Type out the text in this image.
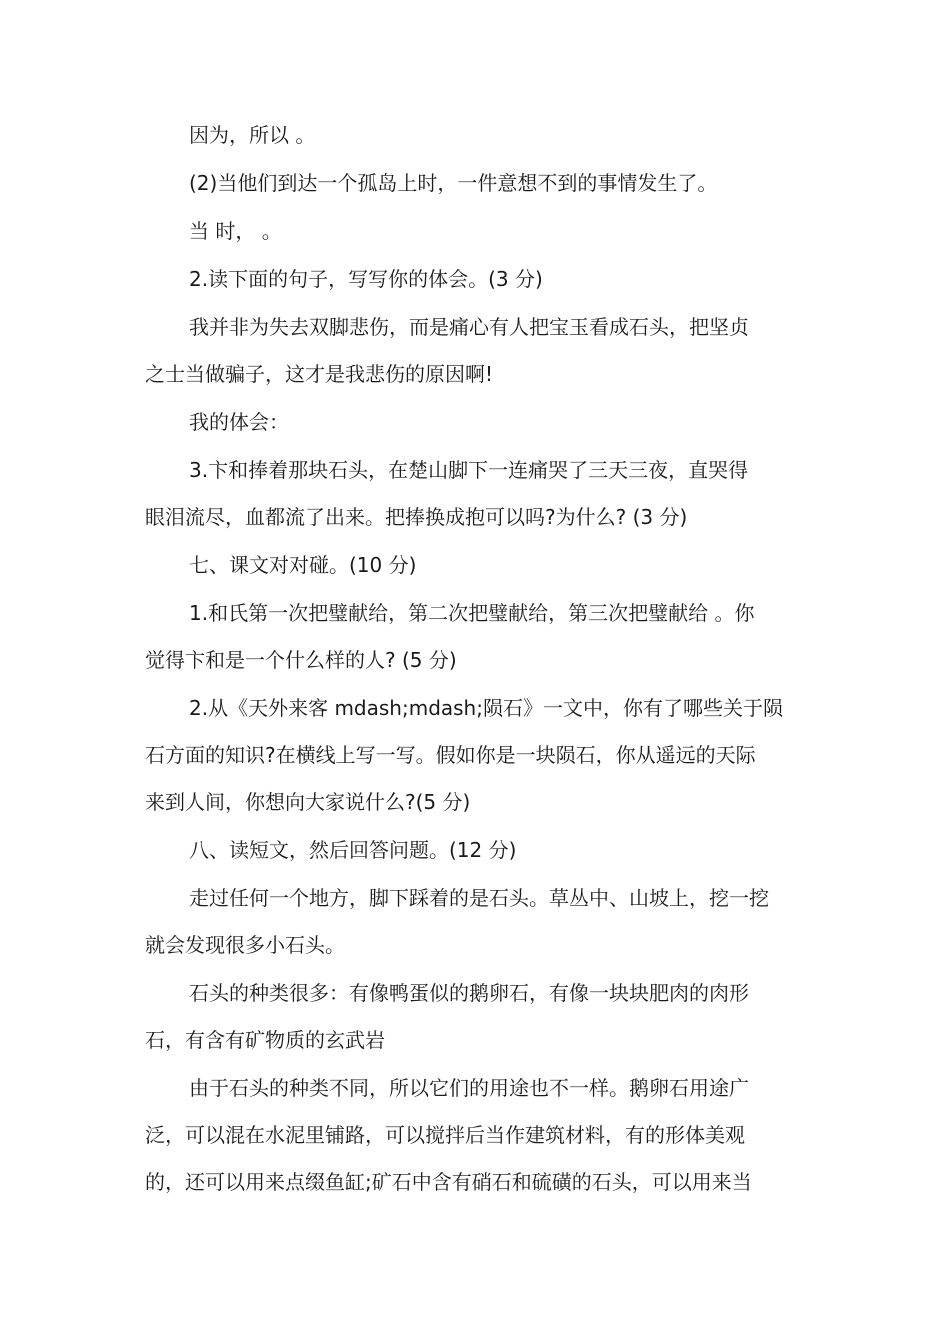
因为，所以 。
(2)当他们到达一个孤岛上时，一件意想不到的事情发生了。
当 时， 。
2.读下面的句子，写写你的体会。(3 分)
我并非为失去双脚悲伤，而是痛心有人把宝玉看成石头，把坚贞
之士当做骗子，这才是我悲伤的原因啊!
我的体会：
3.卞和捧着那块石头，在楚山脚下一连痛哭了三天三夜，直哭得
眼泪流尽，血都流了出来。把捧换成抱可以吗?为什么? (3 分)
七、课文对对碰。(10 分)
1.和氏第一次把璧献给，第二次把璧献给，第三次把璧献给 。你
觉得卞和是一个什么样的人? (5 分)
2.从《天外来客 mdash;mdash;陨石》一文中，你有了哪些关于陨
石方面的知识?在横线上写一写。假如你是一块陨石，你从遥远的天际
来到人间，你想向大家说什么?(5 分)
八、读短文，然后回答问题。(12 分)
走过任何一个地方，脚下踩着的是石头。草丛中、山坡上，挖一挖
就会发现很多小石头。
石头的种类很多：有像鸭蛋似的鹅卵石，有像一块块肥肉的肉形
石，有含有矿物质的玄武岩
由于石头的种类不同，所以它们的用途也不一样。鹅卵石用途广
泛，可以混在水泥里铺路，可以搅拌后当作建筑材料，有的形体美观
的，还可以用来点缀鱼缸;矿石中含有硝石和硫磺的石头，可以用来当
